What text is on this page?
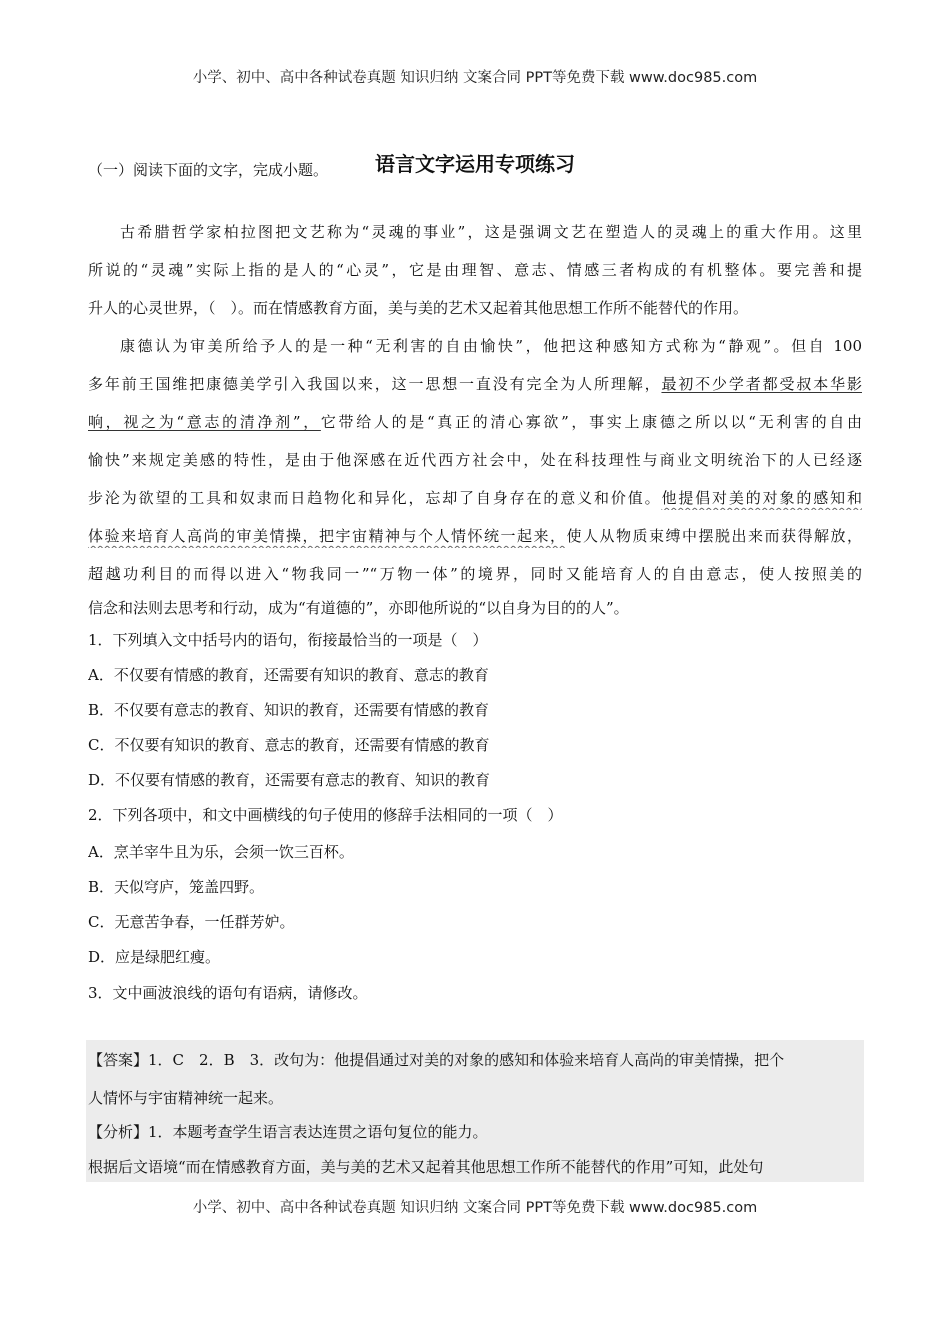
小学、初中、高中各种试卷真题 知识归纳 文案合同 PPT等免费下载 www.doc985.com
语言文字运用专项练习
（一）阅读下面的文字，完成小题。
古希腊哲学家柏拉图把文艺称为“灵魂的事业”，这是强调文艺在塑造人的灵魂上的重大作用。这里
所说的“灵魂”实际上指的是人的“心灵”，它是由理智、意志、情感三者构成的有机整体。要完善和提
升人的心灵世界，（　）。而在情感教育方面，美与美的艺术又起着其他思想工作所不能替代的作用。
康德认为审美所给予人的是一种“无利害的自由愉快”，他把这种感知方式称为“静观”。但自 100
多年前王国维把康德美学引入我国以来，这一思想一直没有完全为人所理解，最初不少学者都受叔本华影
响，视之为“意志的清净剂”，它带给人的是“真正的清心寡欲”，事实上康德之所以以“无利害的自由
愉快”来规定美感的特性，是由于他深感在近代西方社会中，处在科技理性与商业文明统治下的人已经逐
步沦为欲望的工具和奴隶而日趋物化和异化，忘却了自身存在的意义和价值。他提倡对美的对象的感知和
体验来培育人高尚的审美情操，把宇宙精神与个人情怀统一起来，使人从物质束缚中摆脱出来而获得解放，
超越功利目的而得以进入“物我同一”“万物一体”的境界，同时又能培育人的自由意志，使人按照美的
信念和法则去思考和行动，成为“有道德的”，亦即他所说的“以自身为目的的人”。
1．下列填入文中括号内的语句，衔接最恰当的一项是（　）
A．不仅要有情感的教育，还需要有知识的教育、意志的教育
B．不仅要有意志的教育、知识的教育，还需要有情感的教育
C．不仅要有知识的教育、意志的教育，还需要有情感的教育
D．不仅要有情感的教育，还需要有意志的教育、知识的教育
2．下列各项中，和文中画横线的句子使用的修辞手法相同的一项（　）
A．烹羊宰牛且为乐，会须一饮三百杯。
B．天似穹庐，笼盖四野。
C．无意苦争春，一任群芳妒。
D．应是绿肥红瘦。
3．文中画波浪线的语句有语病，请修改。
【答案】1．C　2．B　3．改句为：他提倡通过对美的对象的感知和体验来培育人高尚的审美情操，把个
人情怀与宇宙精神统一起来。
【分析】1．本题考查学生语言表达连贯之语句复位的能力。
根据后文语境“而在情感教育方面，美与美的艺术又起着其他思想工作所不能替代的作用”可知，此处句
小学、初中、高中各种试卷真题 知识归纳 文案合同 PPT等免费下载 www.doc985.com
